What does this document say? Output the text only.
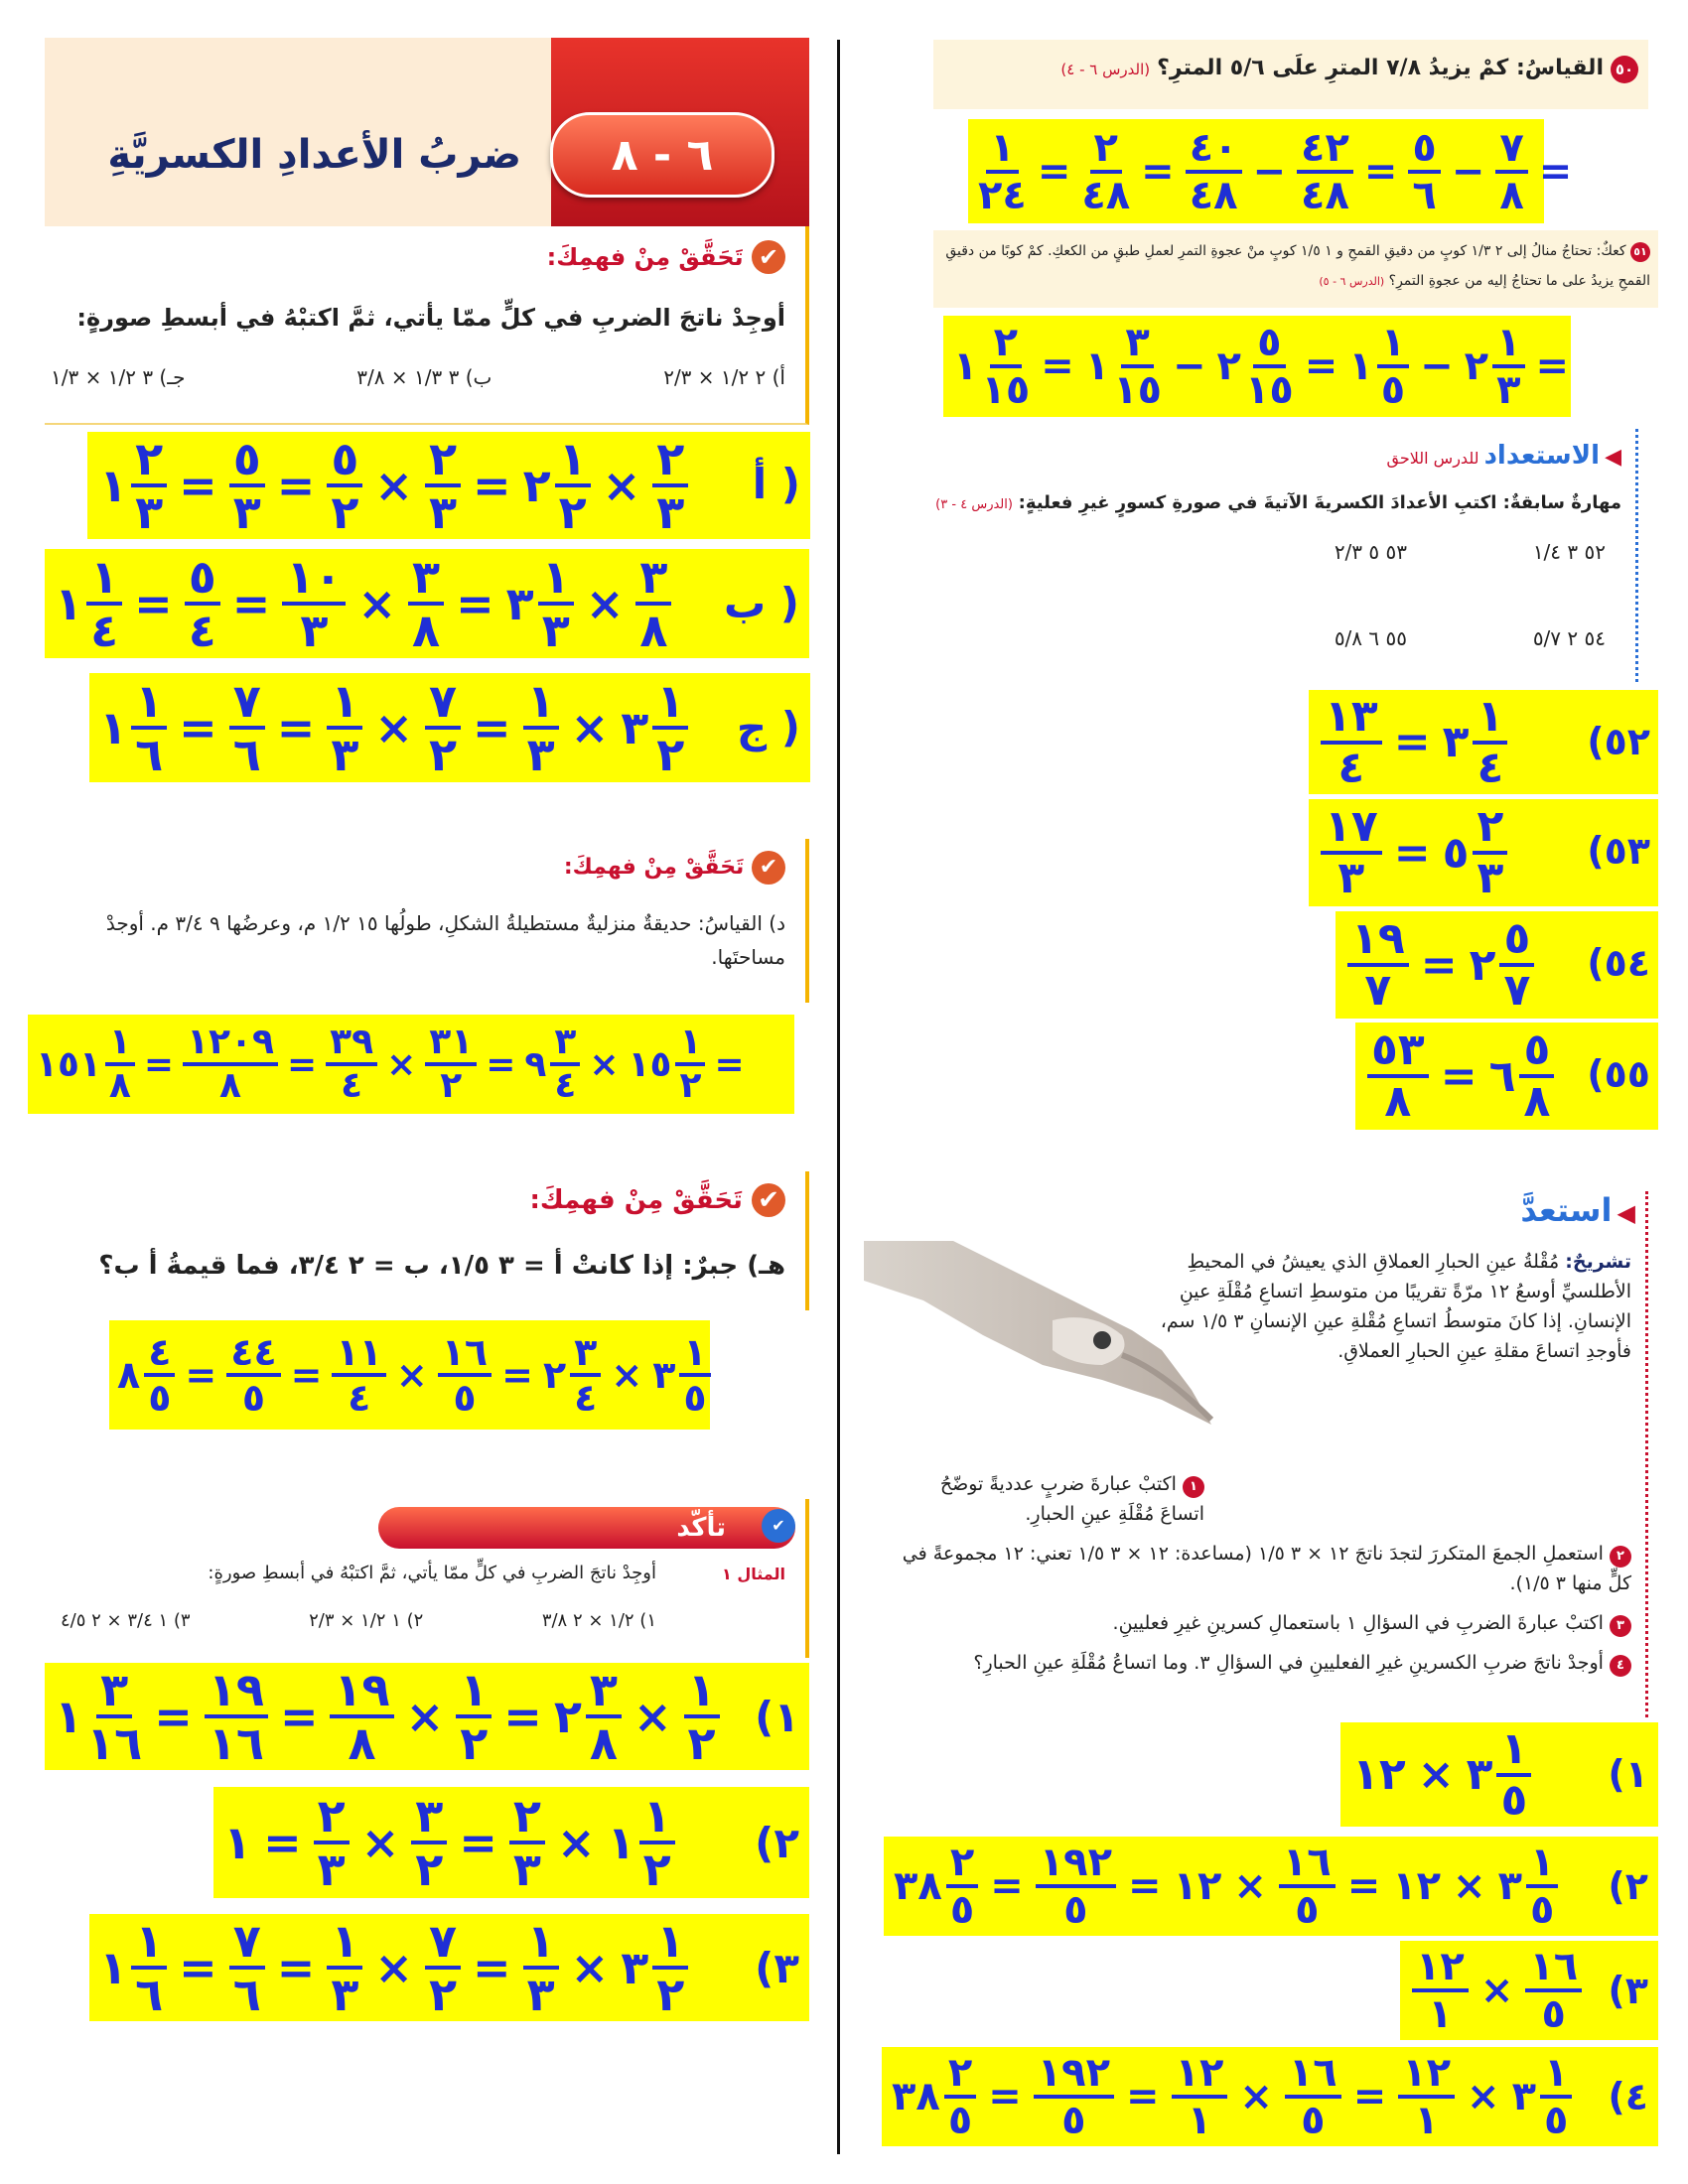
٦ - ٨
ضربُ الأعدادِ الكسريَّةِ
✔ تَحَقَّقْ مِنْ فهمِكَ:
أوجِدْ ناتجَ الضربِ في كلٍّ ممّا يأتي، ثمَّ اكتبْهُ في أبسطِ صورةٍ:
أ) ٢ ١/٢ × ٢/٣
ب) ٣ ١/٣ × ٣/٨
جـ) ٣ ١/٢ × ١/٣
١ $\frac{٢}{٣} = \frac{٥}{٣} = \frac{٥}{٢} \times \frac{٢}{٣}$ = ٢ $\frac{١}{٢} \times \frac{٢}{٣}$ أ )
١ $\frac{١}{٤} = \frac{٥}{٤} = \frac{١٠}{٣} \times \frac{٣}{٨}$ = ٣ $\frac{١}{٣} \times \frac{٣}{٨}$ ب )
١ $\frac{١}{٦} = \frac{٧}{٦} = \frac{١}{٣} \times \frac{٧}{٢} = \frac{١}{٣}$ × ٣ $\frac{١}{٢}$ ج )
✔ تَحَقَّقْ مِنْ فهمِكَ:
د) القياسُ: حديقةٌ منزليةٌ مستطيلةُ الشكلِ، طولُها ١٥ ١/٢ م، وعرضُها ٩ ٣/٤ م. أوجدْ مساحتَها.
١٥١ $\frac{١}{٨} = \frac{١٢٠٩}{٨} = \frac{٣٩}{٤} \times \frac{٣١}{٢}$ = ٩ $\frac{٣}{٤}$ × ١٥ $\frac{١}{٢}$ =
✔ تَحَقَّقْ مِنْ فهمِكَ:
هـ) جبرٌ: إذا كانتْ أ = ٣ ١/٥، ب = ٢ ٣/٤، فما قيمةُ أ ب؟
٨ $\frac{٤}{٥} = \frac{٤٤}{٥} = \frac{١١}{٤} \times \frac{١٦}{٥}$ = ٢ $\frac{٣}{٤}$ × ٣ $\frac{١}{٥}$
تأكّد	✔
أوجِدْ ناتجَ الضربِ في كلٍّ ممّا يأتي، ثمَّ اكتبْهُ في أبسطِ صورةٍ:	المثال ١
١) ١/٢ × ٢ ٣/٨
٢) ١ ١/٢ × ٢/٣
٣) ١ ٣/٤ × ٢ ٤/٥
١ $\frac{٣}{١٦} = \frac{١٩}{١٦} = \frac{١٩}{٨} \times \frac{١}{٢}$ = ٢ $\frac{٣}{٨} \times \frac{١}{٢}$ (١
١ = $\frac{٢}{٣} \times \frac{٣}{٢} = \frac{٢}{٣}$ × ١ $\frac{١}{٢}$ (٢
١ $\frac{١}{٦} = \frac{٧}{٦} = \frac{١}{٣} \times \frac{٧}{٢} = \frac{١}{٣}$ × ٣ $\frac{١}{٢}$ (٣
٥٠ القياسُ: كمْ يزيدُ ٧/٨ المترِ علَى ٥/٦ المترِ؟ (الدرس ٦ - ٤)
$\frac{١}{٢٤} = \frac{٢}{٤٨} = \frac{٤٠}{٤٨} - \frac{٤٢}{٤٨} = \frac{٥}{٦} - \frac{٧}{٨}$ =
٥١ كعكٌ: تحتاجُ منالُ إلى ٢ ١/٣ كوبٍ من دقيقِ القمحِ و ١ ١/٥ كوبٍ منْ عجوةِ التمرِ لعملِ طبقٍ من الكعكِ. كمْ كوبًا من دقيقِ القمحِ يزيدُ على ما تحتاجُ إليه من عجوةِ التمرِ؟ (الدرس ٦ - ٥)
١ $\frac{٢}{١٥}$ = ١ $\frac{٣}{١٥}$ − ٢ $\frac{٥}{١٥}$ = ١ $\frac{١}{٥}$ − ٢ $\frac{١}{٣}$ =
◀ الاستعداد للدرس اللاحق
مهارةٌ سابقةٌ: اكتبِ الأعدادَ الكسريةَ الآتيةَ في صورةِ كسورٍ غيرِ فعليةٍ: (الدرس ٤ - ٣)
٥٢ ٣ ١/٤
٥٣ ٥ ٢/٣
٥٤ ٢ ٥/٧
٥٥ ٦ ٥/٨
$\frac{١٣}{٤}$ = ٣ $\frac{١}{٤}$ (٥٢
$\frac{١٧}{٣}$ = ٥ $\frac{٢}{٣}$ (٥٣
$\frac{١٩}{٧}$ = ٢ $\frac{٥}{٧}$ (٥٤
$\frac{٥٣}{٨}$ = ٦ $\frac{٥}{٨}$ (٥٥
◀ استعدَّ
تشريحٌ: مُقْلةُ عينِ الحبارِ العملاقِ الذي يعيشُ في المحيطِ الأطلسيِّ أوسعُ ١٢ مرّةً تقريبًا من متوسطِ اتساعِ مُقْلَةِ عينِ الإنسانِ. إذا كانَ متوسطُ اتساعِ مُقْلةِ عينِ الإنسانِ ٣ ١/٥ سم، فأوجدِ اتساعَ مقلةِ عينِ الحبارِ العملاقِ.
١ اكتبْ عبارةَ ضربٍ عدديةً توضّحُ اتساعَ مُقْلَةِ عينِ الحبارِ.
٢ استعملِ الجمعَ المتكررَ لتجدَ ناتجَ ١٢ × ٣ ١/٥ (مساعدة: ١٢ × ٣ ١/٥ تعني: ١٢ مجموعةً في كلٍّ منها ٣ ١/٥).
٣ اكتبْ عبارةَ الضربِ في السؤالِ ١ باستعمالِ كسرينِ غيرِ فعليينِ.
٤ أوجدْ ناتجَ ضربِ الكسرينِ غيرِ الفعليينِ في السؤالِ ٣. وما اتساعُ مُقْلَةِ عينِ الحبارِ؟
١٢ × ٣ $\frac{١}{٥}$ (١
٣٨ $\frac{٢}{٥} = \frac{١٩٢}{٥}$ = ١٢ × $\frac{١٦}{٥}$ = ١٢ × ٣ $\frac{١}{٥}$ (٢
$\frac{١٢}{١} \times \frac{١٦}{٥}$ (٣
٣٨ $\frac{٢}{٥} = \frac{١٩٢}{٥} = \frac{١٢}{١} \times \frac{١٦}{٥} = \frac{١٢}{١}$ × ٣ $\frac{١}{٥}$ (٤
